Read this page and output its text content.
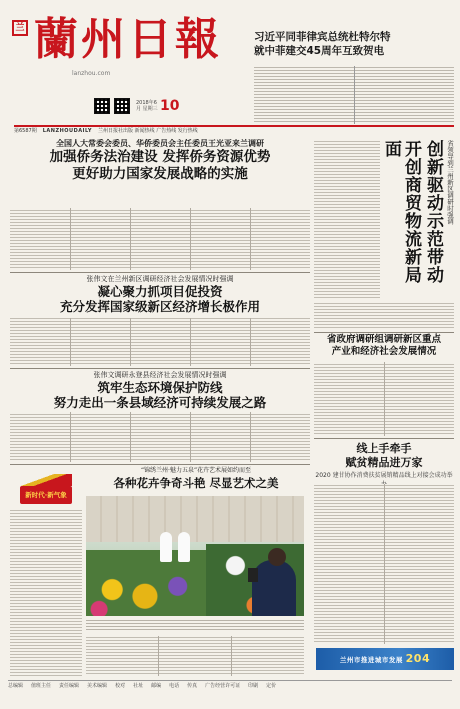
兰 蘭州日報
lanzhou.com
2018年6月 星期三 10
习近平同菲律宾总统杜特尔特
就中菲建交45周年互致贺电
第6587期 LANZHOUDAILY 兰州日报社出版 新闻热线 广告热线 发行热线
全国人大常委会委员、华侨委员会主任委员王光亚来兰调研
加强侨务法治建设 发挥侨务资源优势
更好助力国家发展战略的实施
张伟文在兰州新区调研经济社会发展情况时强调
凝心聚力抓项目促投资
充分发挥国家级新区经济增长极作用
张伟文调研永登县经济社会发展情况时强调
筑牢生态环境保护防线
努力走出一条县域经济可持续发展之路
新时代·新气象
“锦绣兰州·魅力五泉”花卉艺术展如约而至
各种花卉争奇斗艳 尽显艺术之美
省领导到兰州新区调研时强调
创新驱动示范带动
开创商贸物流新局面
省政府调研组调研新区重点
产业和经济社会发展情况
线上手牵手
赋贫精品进万家
2020 建甘协作消费扶贫展销精品线上对接会成功举
兰州市推进城市发展 204
总编辑 值班主任 责任编辑 美术编辑 校对 社址 邮编 电话 传真 广告经营许可证 印刷 定价
